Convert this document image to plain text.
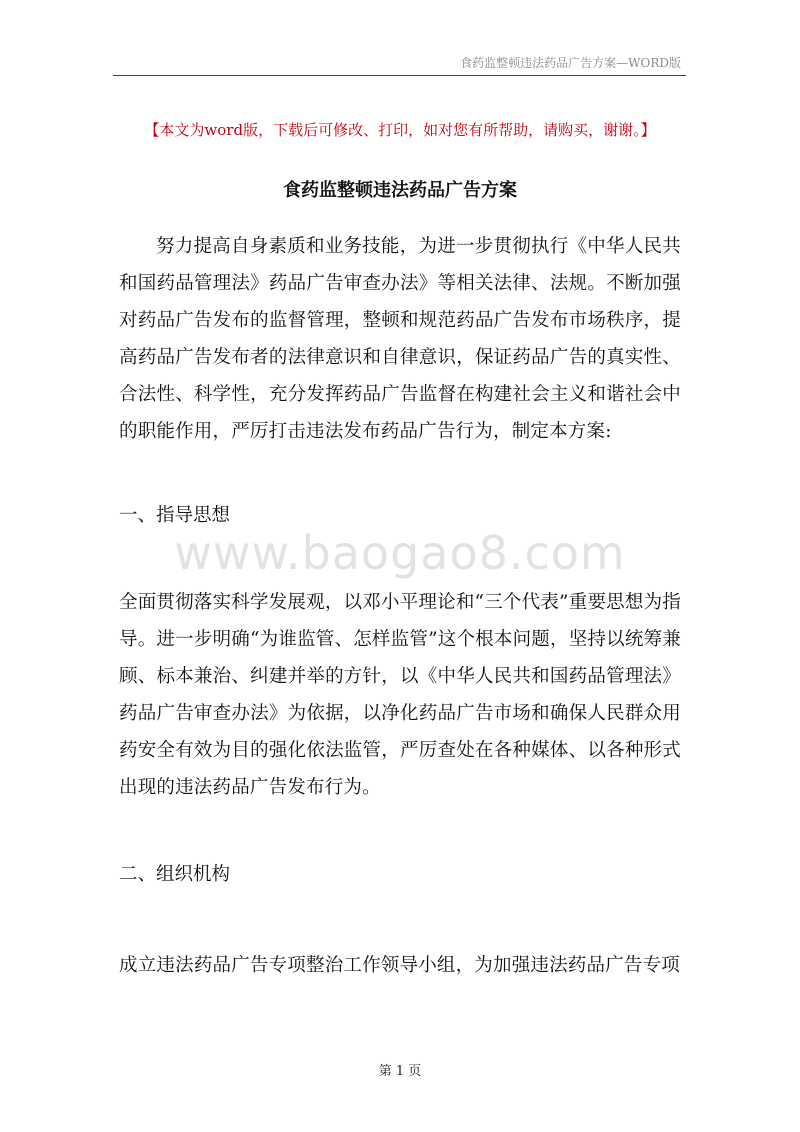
食药监整顿违法药品广告方案—WORD版
【本文为word版，下载后可修改、打印，如对您有所帮助，请购买，谢谢。】
食药监整顿违法药品广告方案

努力提高自身素质和业务技能，为进一步贯彻执行《中华人民共和国药品管理法》药品广告审查办法》等相关法律、法规。不断加强对药品广告发布的监督管理，整顿和规范药品广告发布市场秩序，提高药品广告发布者的法律意识和自律意识，保证药品广告的真实性、合法性、科学性，充分发挥药品广告监督在构建社会主义和谐社会中的职能作用，严厉打击违法发布药品广告行为，制定本方案:

一、指导思想

全面贯彻落实科学发展观，以邓小平理论和“三个代表”重要思想为指导。进一步明确“为谁监管、怎样监管”这个根本问题，坚持以统筹兼顾、标本兼治、纠建并举的方针，以《中华人民共和国药品管理法》药品广告审查办法》为依据，以净化药品广告市场和确保人民群众用药安全有效为目的强化依法监管，严厉查处在各种媒体、以各种形式出现的违法药品广告发布行为。

二、组织机构

成立违法药品广告专项整治工作领导小组，为加强违法药品广告专项

www.baogao8.com
第 1 页
